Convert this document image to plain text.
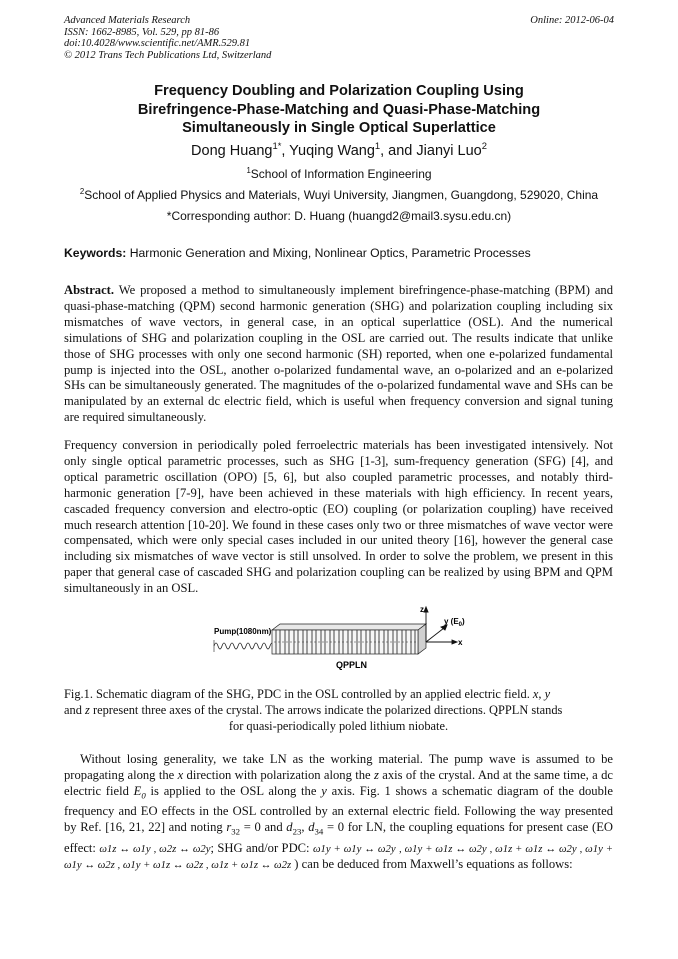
Advanced Materials Research
ISSN: 1662-8985, Vol. 529, pp 81-86
doi:10.4028/www.scientific.net/AMR.529.81
© 2012 Trans Tech Publications Ltd, Switzerland
Online: 2012-06-04
Frequency Doubling and Polarization Coupling Using
Birefringence-Phase-Matching and Quasi-Phase-Matching
Simultaneously in Single Optical Superlattice
Dong Huang$^{1*}$, Yuqing Wang$^1$, and Jianyi Luo$^2$
$^1$School of Information Engineering
$^2$School of Applied Physics and Materials, Wuyi University, Jiangmen, Guangdong, 529020, China
*Corresponding author: D. Huang (huangd2@mail3.sysu.edu.cn)
Keywords: Harmonic Generation and Mixing, Nonlinear Optics, Parametric Processes
Abstract. We proposed a method to simultaneously implement birefringence-phase-matching (BPM) and quasi-phase-matching (QPM) second harmonic generation (SHG) and polarization coupling including six mismatches of wave vectors, in general case, in an optical superlattice (OSL). And the numerical simulations of SHG and polarization coupling in the OSL are carried out. The results indicate that unlike those of SHG processes with only one second harmonic (SH) reported, when one e-polarized fundamental pump is injected into the OSL, another o-polarized fundamental wave, an o-polarized and an e-polarized SHs can be simultaneously generated. The magnitudes of the o-polarized fundamental wave and SHs can be manipulated by an external dc electric field, which is useful when frequency conversion and signal tuning are required simultaneously.
Frequency conversion in periodically poled ferroelectric materials has been investigated intensively. Not only single optical parametric processes, such as SHG [1-3], sum-frequency generation (SFG) [4], and optical parametric oscillation (OPO) [5, 6], but also coupled parametric processes, and notably third-harmonic generation [7-9], have been achieved in these materials with high efficiency. In recent years, cascaded frequency conversion and electro-optic (EO) coupling (or polarization coupling) have received much research attention [10-20]. We found in these cases only two or three mismatches of wave vector were compensated, which were only special cases included in our united theory [16], however the general case including six mismatches of wave vector is still unsolved. In order to solve the problem, we present in this paper that general case of cascaded SHG and polarization coupling can be realized by using BPM and QPM simultaneously in an OSL.
Pump(1080nm)
QPPLN
z
y $(E_0)$
x
Fig.1. Schematic diagram of the SHG, PDC in the OSL controlled by an applied electric field. x, y
and z represent three axes of the crystal. The arrows indicate the polarized directions. QPPLN stands
for quasi-periodically poled lithium niobate.
Without losing generality, we take LN as the working material. The pump wave is assumed to be propagating along the x direction with polarization along the z axis of the crystal. And at the same time, a dc electric field $E_0$ is applied to the OSL along the y axis. Fig. 1 shows a schematic diagram of the double frequency and EO effects in the OSL controlled by an external electric field. Following the way presented by Ref. [16, 21, 22] and noting $r_{32} = 0$ and $d_{23}$, $d_{34} = 0$ for LN, the coupling equations for present case (EO effect: ω1z ↔ ω1y , ω2z ↔ ω2y; SHG and/or PDC: ω1y + ω1y ↔ ω2y , ω1y + ω1z ↔ ω2y , ω1z + ω1z ↔ ω2y , ω1y + ω1y ↔ ω2z , ω1y + ω1z ↔ ω2z , ω1z + ω1z ↔ ω2z ) can be deduced from Maxwell’s equations as follows:
